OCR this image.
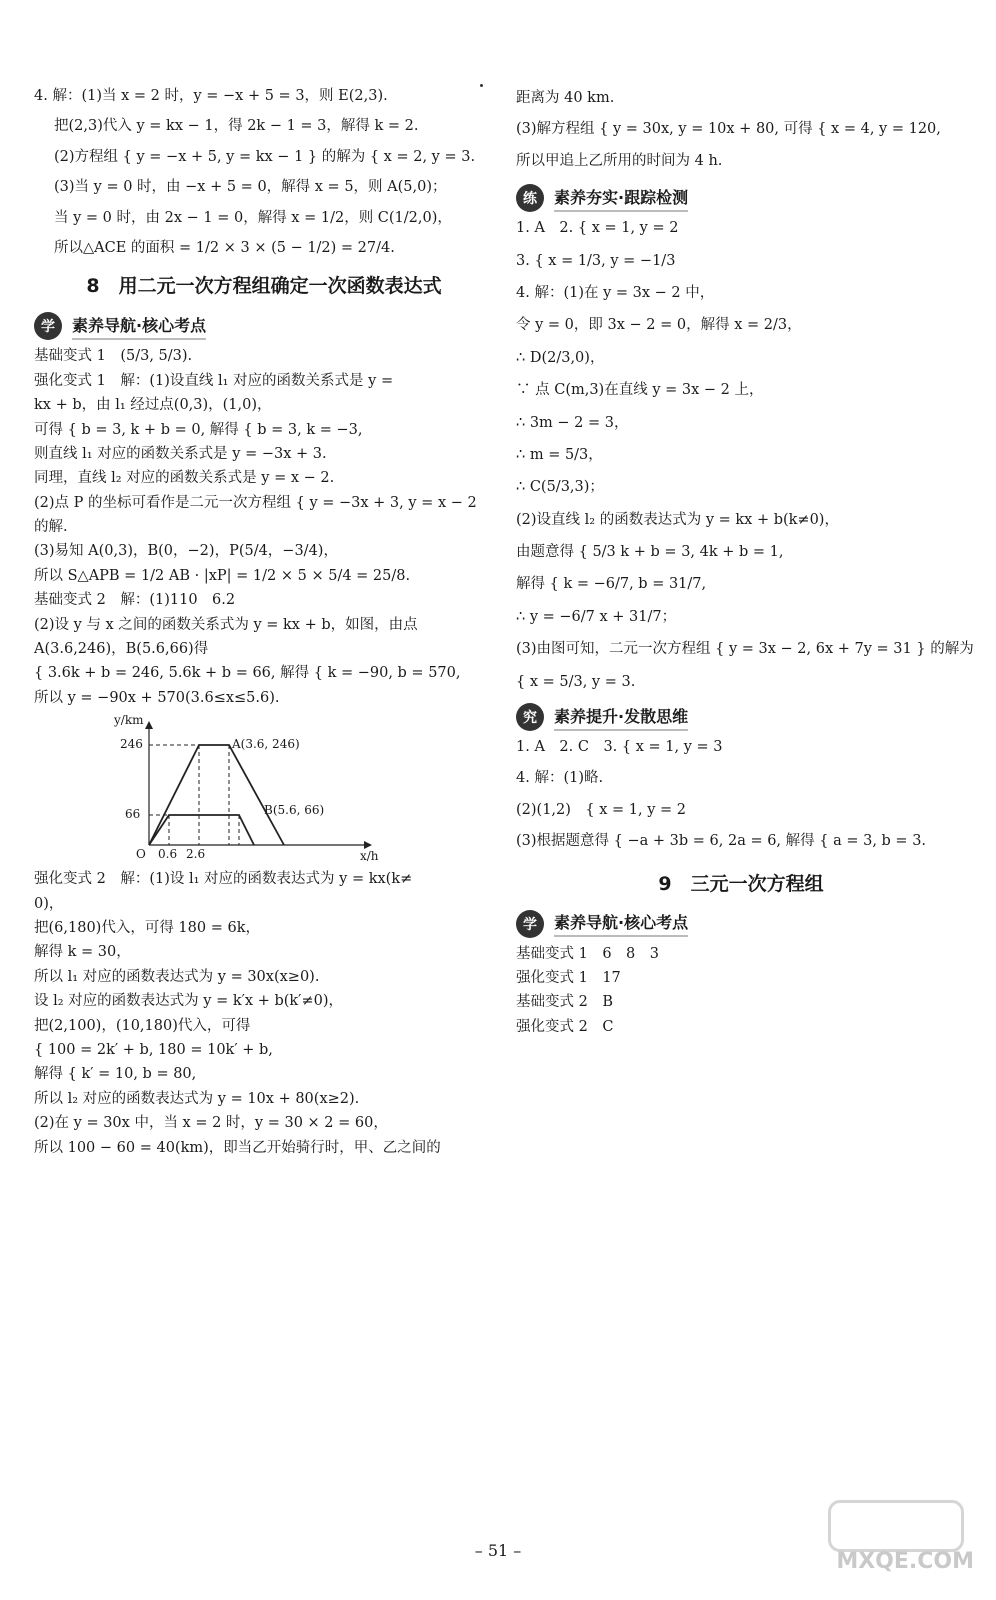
4. 解：(1)当 x = 2 时，y = −x + 5 = 3，则 E(2,3).

把(2,3)代入 y = kx − 1，得 2k − 1 = 3，解得 k = 2.

(2)方程组 { y = −x + 5, y = kx − 1 } 的解为 { x = 2, y = 3.

(3)当 y = 0 时，由 −x + 5 = 0，解得 x = 5，则 A(5,0)；

当 y = 0 时，由 2x − 1 = 0，解得 x = 1/2，则 C(1/2,0)，

所以△ACE 的面积 = 1/2 × 3 × (5 − 1/2) = 27/4.

8　用二元一次方程组确定一次函数表达式
学	素养导航·核心考点

基础变式 1　(5/3, 5/3).

强化变式 1　解：(1)设直线 l₁ 对应的函数关系式是 y =

kx + b，由 l₁ 经过点(0,3)，(1,0)，

可得 { b = 3, k + b = 0, 解得 { b = 3, k = −3,

则直线 l₁ 对应的函数关系式是 y = −3x + 3.

同理，直线 l₂ 对应的函数关系式是 y = x − 2.

(2)点 P 的坐标可看作是二元一次方程组 { y = −3x + 3, y = x − 2

的解.

(3)易知 A(0,3)，B(0，−2)，P(5/4，−3/4)，

所以 S△APB = 1/2 AB · |xP| = 1/2 × 5 × 5/4 = 25/8.

基础变式 2　解：(1)110　6.2

(2)设 y 与 x 之间的函数关系式为 y = kx + b，如图，由点

A(3.6,246)，B(5.6,66)得

{ 3.6k + b = 246, 5.6k + b = 66, 解得 { k = −90, b = 570,

所以 y = −90x + 570(3.6≤x≤5.6).

y/km
246
66
O 0.6 2.6	x/h
A(3.6, 246)
B(5.6, 66)

强化变式 2　解：(1)设 l₁ 对应的函数表达式为 y = kx(k≠

0)，

把(6,180)代入，可得 180 = 6k，

解得 k = 30，

所以 l₁ 对应的函数表达式为 y = 30x(x≥0).

设 l₂ 对应的函数表达式为 y = k′x + b(k′≠0)，

把(2,100)，(10,180)代入，可得

{ 100 = 2k′ + b, 180 = 10k′ + b,

解得 { k′ = 10, b = 80,

所以 l₂ 对应的函数表达式为 y = 10x + 80(x≥2).

(2)在 y = 30x 中，当 x = 2 时，y = 30 × 2 = 60，

所以 100 − 60 = 40(km)，即当乙开始骑行时，甲、乙之间的

距离为 40 km.

(3)解方程组 { y = 30x, y = 10x + 80, 可得 { x = 4, y = 120,

所以甲追上乙所用的时间为 4 h.

练	素养夯实·跟踪检测

1. A　2. { x = 1, y = 2

3. { x = 1/3, y = −1/3

4. 解：(1)在 y = 3x − 2 中，

令 y = 0，即 3x − 2 = 0，解得 x = 2/3，

∴ D(2/3,0)，

∵ 点 C(m,3)在直线 y = 3x − 2 上，

∴ 3m − 2 = 3，

∴ m = 5/3，

∴ C(5/3,3)；

(2)设直线 l₂ 的函数表达式为 y = kx + b(k≠0)，

由题意得 { 5/3 k + b = 3, 4k + b = 1,

解得 { k = −6/7, b = 31/7,

∴ y = −6/7 x + 31/7；

(3)由图可知，二元一次方程组 { y = 3x − 2, 6x + 7y = 31 } 的解为

{ x = 5/3, y = 3.

究	素养提升·发散思维

1. A　2. C　3. { x = 1, y = 3

4. 解：(1)略.

(2)(1,2)　{ x = 1, y = 2

(3)根据题意得 { −a + 3b = 6, 2a = 6, 解得 { a = 3, b = 3.

9　三元一次方程组
学	素养导航·核心考点

基础变式 1　6　8　3

强化变式 1　17

基础变式 2　B

强化变式 2　C

– 51 –	MXQE.COM
